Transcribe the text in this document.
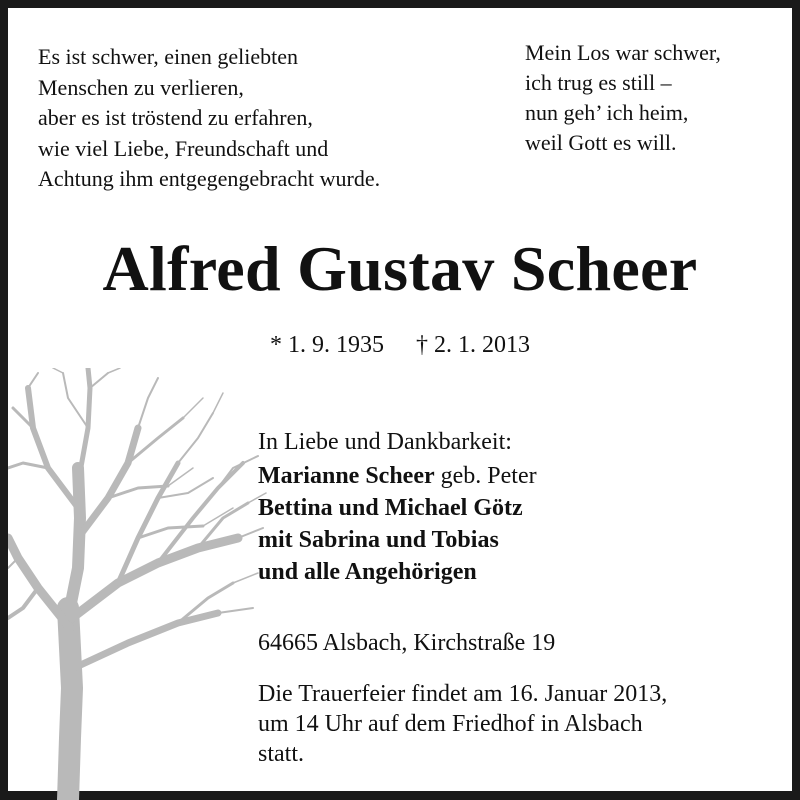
Es ist schwer, einen geliebten
Menschen zu verlieren,
aber es ist tröstend zu erfahren,
wie viel Liebe, Freundschaft und
Achtung ihm entgegengebracht wurde.
Mein Los war schwer,
ich trug es still –
nun geh’ ich heim,
weil Gott es will.
Alfred Gustav Scheer
* 1. 9. 1935 † 2. 1. 2013
In Liebe und Dankbarkeit:
Marianne Scheer geb. Peter
Bettina und Michael Götz
mit Sabrina und Tobias
und alle Angehörigen
64665 Alsbach, Kirchstraße 19
Die Trauerfeier findet am 16. Januar 2013,
um 14 Uhr auf dem Friedhof in Alsbach
statt.
